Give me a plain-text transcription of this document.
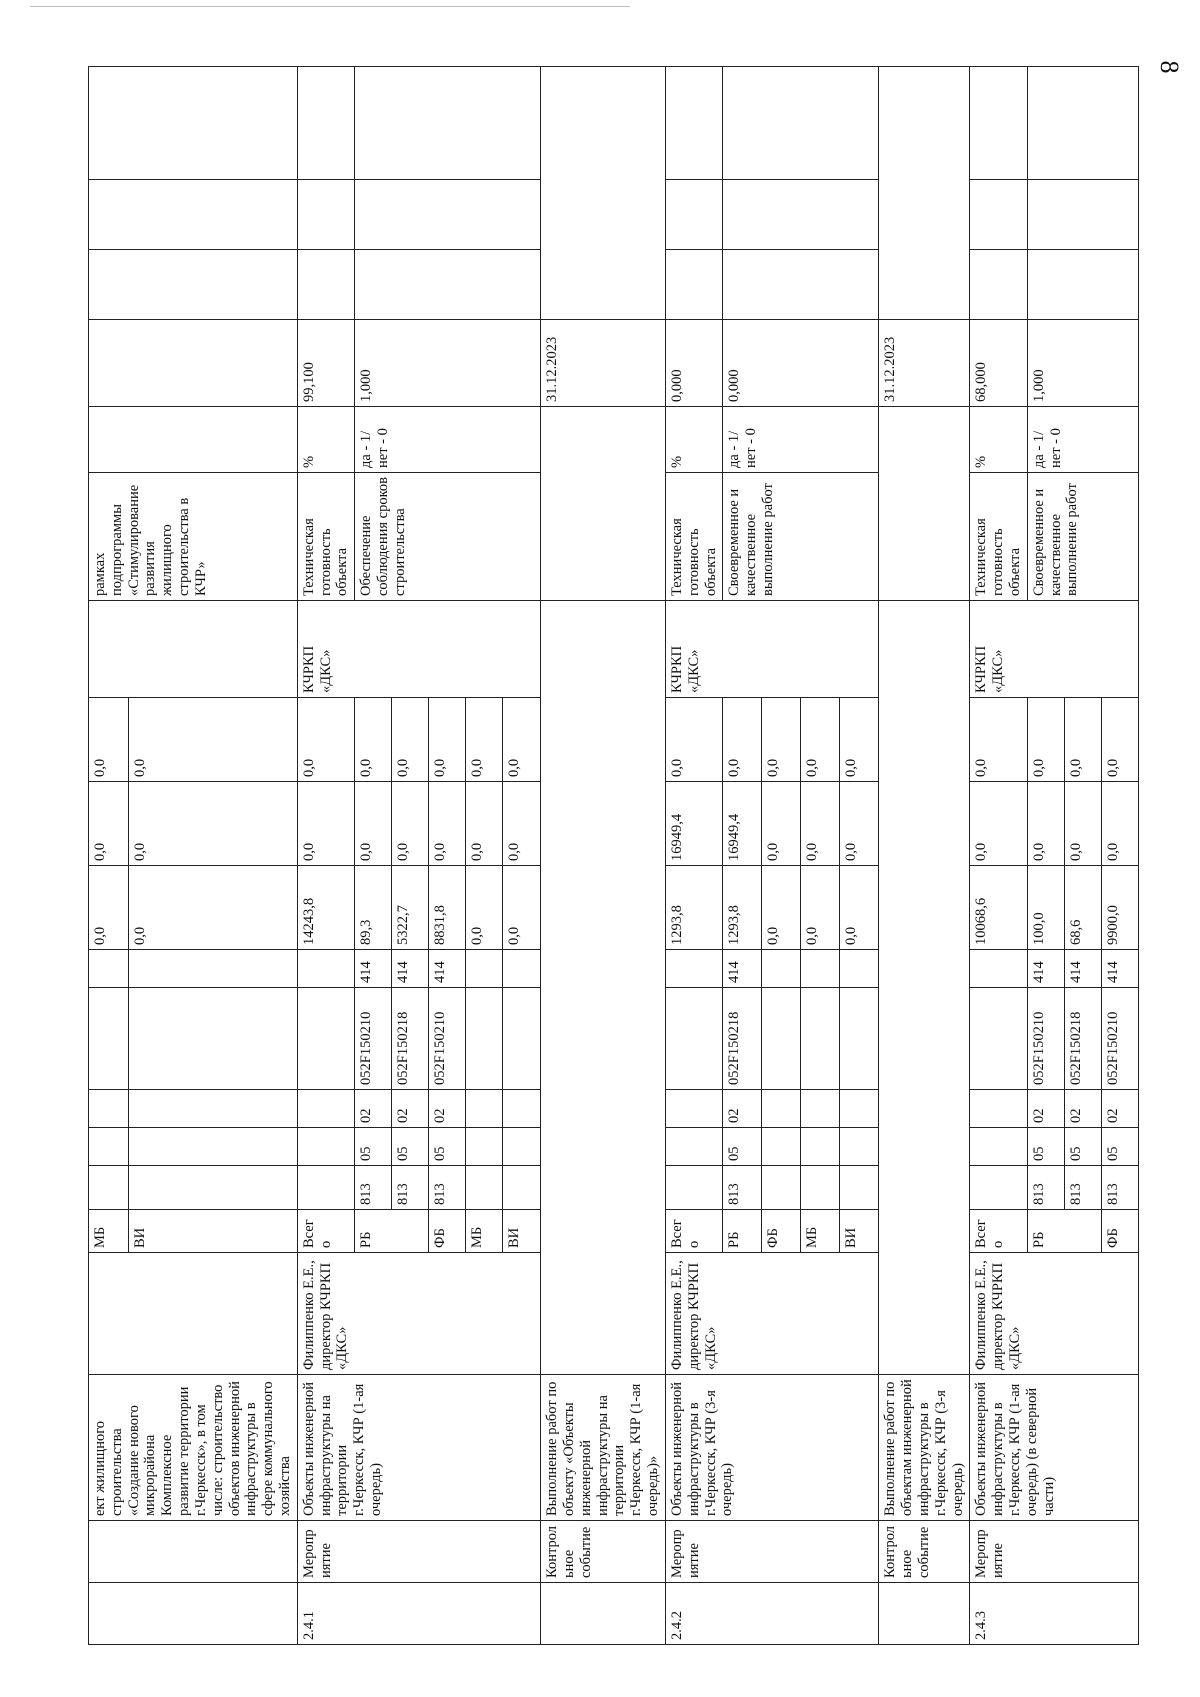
8
		ект жилищного строительства «Создание нового микрорайона Комплексное развитие территории г.Черкесск», в том числе: строительство объектов инженерной инфраструктуры в сфере коммунального хозяйства		МБ						0,0	0,0	0,0		рамках подпрограммы «Стимулирование развития жилищного строительства в КЧР»					
				ВИ						0,0	0,0	0,0							
2.4.1	Мероприятие	Объекты инженерной инфраструктуры на территории г.Черкесск, КЧР (1-ая очередь)	Филиппенко Е.Е., директор КЧРКП «ДКС»	Всего						14243,8	0,0	0,0	КЧРКП «ДКС»	Техническая готовность объекта	%	99,100			
				РБ	813	05	02	052F150210	414	89,3	0,0	0,0		Обеспечение соблюдения сроков строительства	да - 1/ нет - 0	1,000			
					813	05	02	052F150218	414	5322,7	0,0	0,0							
				ФБ	813	05	02	052F150210	414	8831,8	0,0	0,0							
				МБ						0,0	0,0	0,0							
				ВИ						0,0	0,0	0,0							
	Контрольное событие	Выполнение работ по объекту «Объекты инженерной инфраструктуры на территории г.Черкесск, КЧР (1-ая очередь)»														31.12.2023			
2.4.2	Мероприятие	Объекты инженерной инфраструктуры в г.Черкесск, КЧР (3-я очередь)	Филиппенко Е.Е., директор КЧРКП «ДКС»	Всего						1293,8	16949,4	0,0	КЧРКП «ДКС»	Техническая готовность объекта	%	0,000			
				РБ	813	05	02	052F150218	414	1293,8	16949,4	0,0		Своевременное и качественное выполнение работ	да - 1/ нет - 0	0,000			
				ФБ						0,0	0,0	0,0							
				МБ						0,0	0,0	0,0							
				ВИ						0,0	0,0	0,0							
	Контрольное событие	Выполнение работ по объектам инженерной инфраструктуры в г.Черкесск, КЧР (3-я очередь)														31.12.2023			
2.4.3	Мероприятие	Объекты инженерной инфраструктуры в г.Черкесск, КЧР (1-ая очередь) (в северной части)	Филиппенко Е.Е., директор КЧРКП «ДКС»	Всего						10068,6	0,0	0,0	КЧРКП «ДКС»	Техническая готовность объекта	%	68,000			
				РБ	813	05	02	052F150210	414	100,0	0,0	0,0		Своевременное и качественное выполнение работ	да - 1/ нет - 0	1,000			
					813	05	02	052F150218	414	68,6	0,0	0,0							
				ФБ	813	05	02	052F150210	414	9900,0	0,0	0,0							
